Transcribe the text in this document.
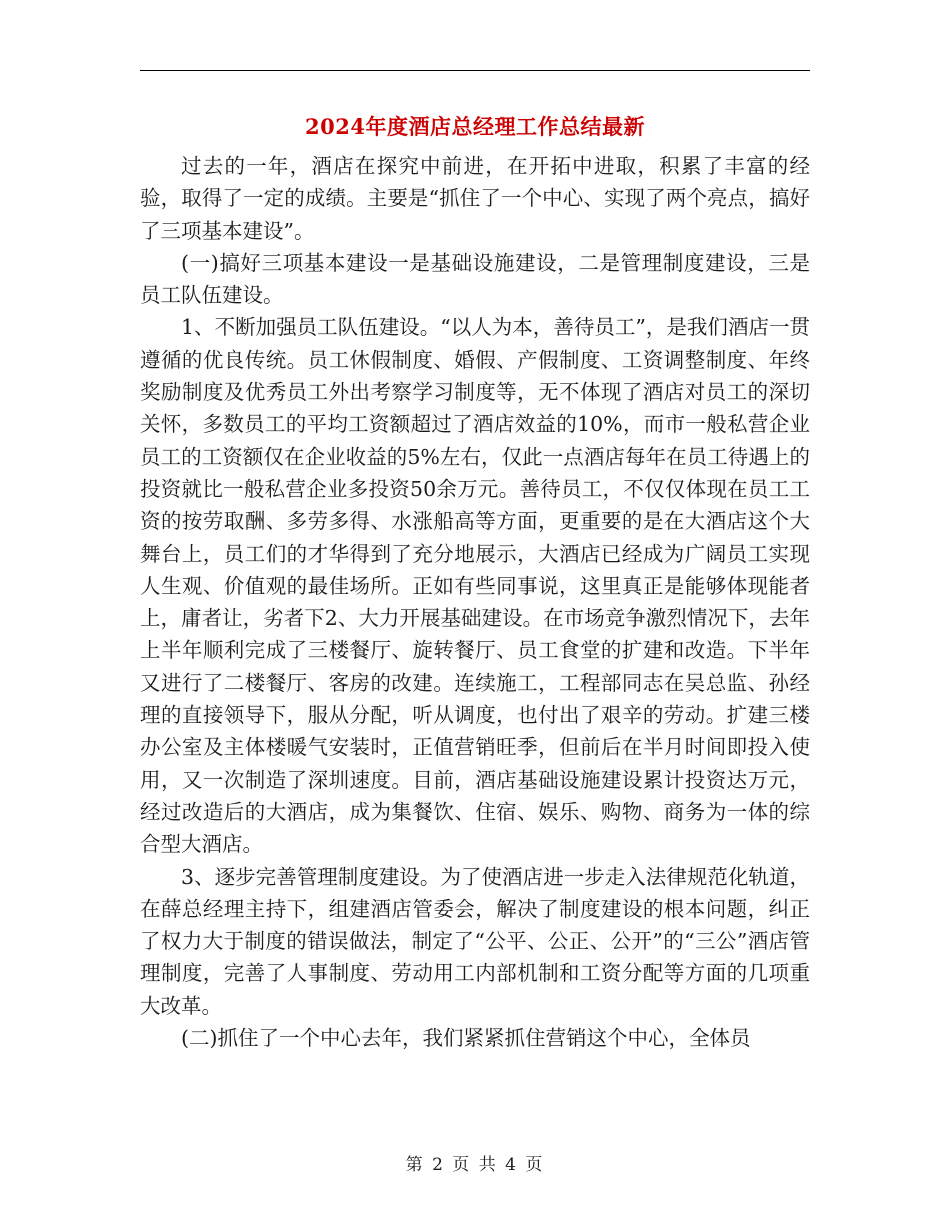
2024年度酒店总经理工作总结最新

过去的一年，酒店在探究中前进，在开拓中进取，积累了丰富的经验，取得了一定的成绩。主要是“抓住了一个中心、实现了两个亮点，搞好了三项基本建设”。

(一)搞好三项基本建设一是基础设施建设，二是管理制度建设，三是员工队伍建设。

1、不断加强员工队伍建设。“以人为本，善待员工”，是我们酒店一贯遵循的优良传统。员工休假制度、婚假、产假制度、工资调整制度、年终奖励制度及优秀员工外出考察学习制度等，无不体现了酒店对员工的深切关怀，多数员工的平均工资额超过了酒店效益的10%，而市一般私营企业员工的工资额仅在企业收益的5%左右，仅此一点酒店每年在员工待遇上的投资就比一般私营企业多投资50余万元。善待员工，不仅仅体现在员工工资的按劳取酬、多劳多得、水涨船高等方面，更重要的是在大酒店这个大舞台上，员工们的才华得到了充分地展示，大酒店已经成为广阔员工实现人生观、价值观的最佳场所。正如有些同事说，这里真正是能够体现能者上，庸者让，劣者下2、大力开展基础建设。在市场竞争激烈情况下，去年上半年顺利完成了三楼餐厅、旋转餐厅、员工食堂的扩建和改造。下半年又进行了二楼餐厅、客房的改建。连续施工，工程部同志在吴总监、孙经理的直接领导下，服从分配，听从调度，也付出了艰辛的劳动。扩建三楼办公室及主体楼暖气安装时，正值营销旺季，但前后在半月时间即投入使用，又一次制造了深圳速度。目前，酒店基础设施建设累计投资达万元，经过改造后的大酒店，成为集餐饮、住宿、娱乐、购物、商务为一体的综合型大酒店。

3、逐步完善管理制度建设。为了使酒店进一步走入法律规范化轨道，在薛总经理主持下，组建酒店管委会，解决了制度建设的根本问题，纠正了权力大于制度的错误做法，制定了“公平、公正、公开”的“三公”酒店管理制度，完善了人事制度、劳动用工内部机制和工资分配等方面的几项重大改革。

(二)抓住了一个中心去年，我们紧紧抓住营销这个中心，全体员

第 2 页 共 4 页
